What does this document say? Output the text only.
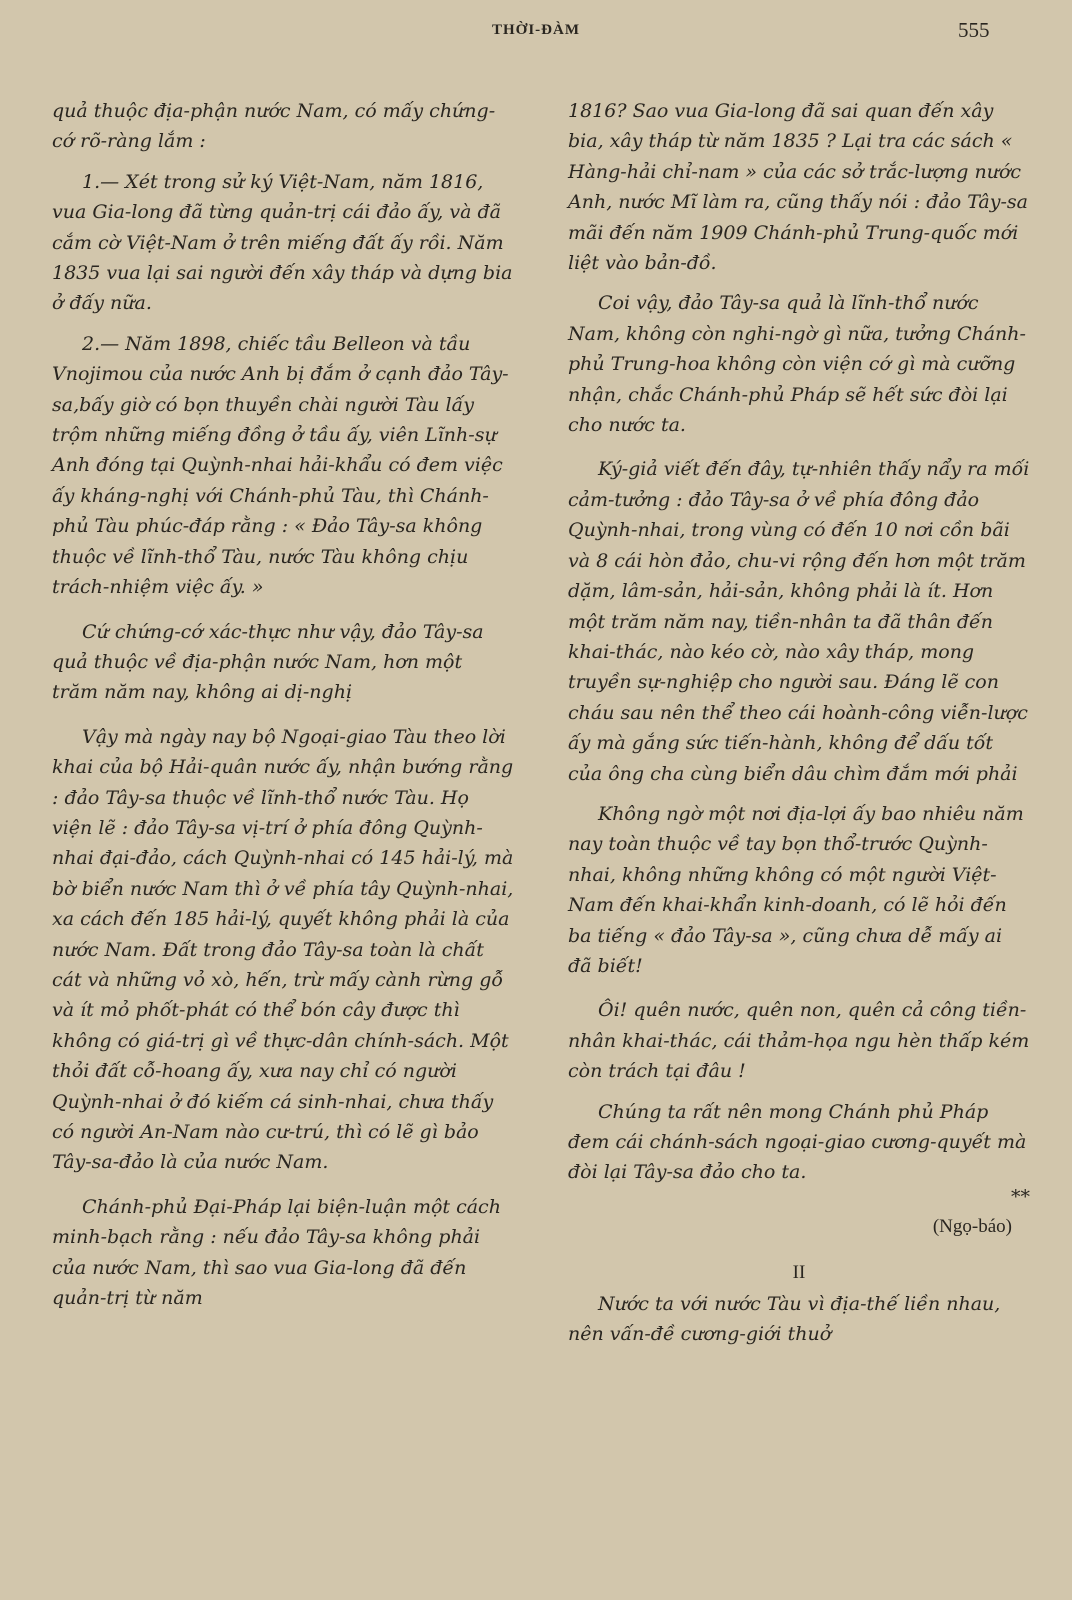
THỜI-ĐÀM	555

quả thuộc địa-phận nước Nam, có mấy chứng-cớ rõ-ràng lắm :

1.— Xét trong sử ký Việt-Nam, năm 1816, vua Gia-long đã từng quản-trị cái đảo ấy, và đã cắm cờ Việt-Nam ở trên miếng đất ấy rồi. Năm 1835 vua lại sai người đến xây tháp và dựng bia ở đấy nữa.

2.— Năm 1898, chiếc tầu Belleon và tầu Vnojimou của nước Anh bị đắm ở cạnh đảo Tây-sa,bấy giờ có bọn thuyền chài người Tàu lấy trộm những miếng đồng ở tầu ấy, viên Lĩnh-sự Anh đóng tại Quỳnh-nhai hải-khẩu có đem việc ấy kháng-nghị với Chánh-phủ Tàu, thì Chánh-phủ Tàu phúc-đáp rằng : « Đảo Tây-sa không thuộc về lĩnh-thổ Tàu, nước Tàu không chịu trách-nhiệm việc ấy. »

Cứ chứng-cớ xác-thực như vậy, đảo Tây-sa quả thuộc về địa-phận nước Nam, hơn một trăm năm nay, không ai dị-nghị

Vậy mà ngày nay bộ Ngoại-giao Tàu theo lời khai của bộ Hải-quân nước ấy, nhận bướng rằng : đảo Tây-sa thuộc về lĩnh-thổ nước Tàu. Họ viện lẽ : đảo Tây-sa vị-trí ở phía đông Quỳnh-nhai đại-đảo, cách Quỳnh-nhai có 145 hải-lý, mà bờ biển nước Nam thì ở về phía tây Quỳnh-nhai, xa cách đến 185 hải-lý, quyết không phải là của nước Nam. Đất trong đảo Tây-sa toàn là chất cát và những vỏ xò, hến, trừ mấy cành rừng gỗ và ít mỏ phốt-phát có thể bón cây được thì không có giá-trị gì về thực-dân chính-sách. Một thỏi đất cỗ-hoang ấy, xưa nay chỉ có người Quỳnh-nhai ở đó kiếm cá sinh-nhai, chưa thấy có người An-Nam nào cư-trú, thì có lẽ gì bảo Tây-sa-đảo là của nước Nam.

Chánh-phủ Đại-Pháp lại biện-luận một cách minh-bạch rằng : nếu đảo Tây-sa không phải của nước Nam, thì sao vua Gia-long đã đến quản-trị từ năm

1816? Sao vua Gia-long đã sai quan đến xây bia, xây tháp từ năm 1835 ? Lại tra các sách « Hàng-hải chỉ-nam » của các sở trắc-lượng nước Anh, nước Mĩ làm ra, cũng thấy nói : đảo Tây-sa mãi đến năm 1909 Chánh-phủ Trung-quốc mới liệt vào bản-đồ.

Coi vậy, đảo Tây-sa quả là lĩnh-thổ nước Nam, không còn nghi-ngờ gì nữa, tưởng Chánh-phủ Trung-hoa không còn viện cớ gì mà cưỡng nhận, chắc Chánh-phủ Pháp sẽ hết sức đòi lại cho nước ta.

Ký-giả viết đến đây, tự-nhiên thấy nẩy ra mối cảm-tưởng : đảo Tây-sa ở về phía đông đảo Quỳnh-nhai, trong vùng có đến 10 nơi cồn bãi và 8 cái hòn đảo, chu-vi rộng đến hơn một trăm dặm, lâm-sản, hải-sản, không phải là ít. Hơn một trăm năm nay, tiền-nhân ta đã thân đến khai-thác, nào kéo cờ, nào xây tháp, mong truyền sự-nghiệp cho người sau. Đáng lẽ con cháu sau nên thể theo cái hoành-công viễn-lược ấy mà gắng sức tiến-hành, không để dấu tốt của ông cha cùng biển dâu chìm đắm mới phải

Không ngờ một nơi địa-lợi ấy bao nhiêu năm nay toàn thuộc về tay bọn thổ-trước Quỳnh-nhai, không những không có một người Việt-Nam đến khai-khẩn kinh-doanh, có lẽ hỏi đến ba tiếng « đảo Tây-sa », cũng chưa dễ mấy ai đã biết!

Ôi! quên nước, quên non, quên cả công tiền-nhân khai-thác, cái thảm-họa ngu hèn thấp kém còn trách tại đâu !

Chúng ta rất nên mong Chánh phủ Pháp đem cái chánh-sách ngoại-giao cương-quyết mà đòi lại Tây-sa đảo cho ta.

**
(Ngọ-báo)
II

Nước ta với nước Tàu vì địa-thế liền nhau, nên vấn-đề cương-giới thuở
